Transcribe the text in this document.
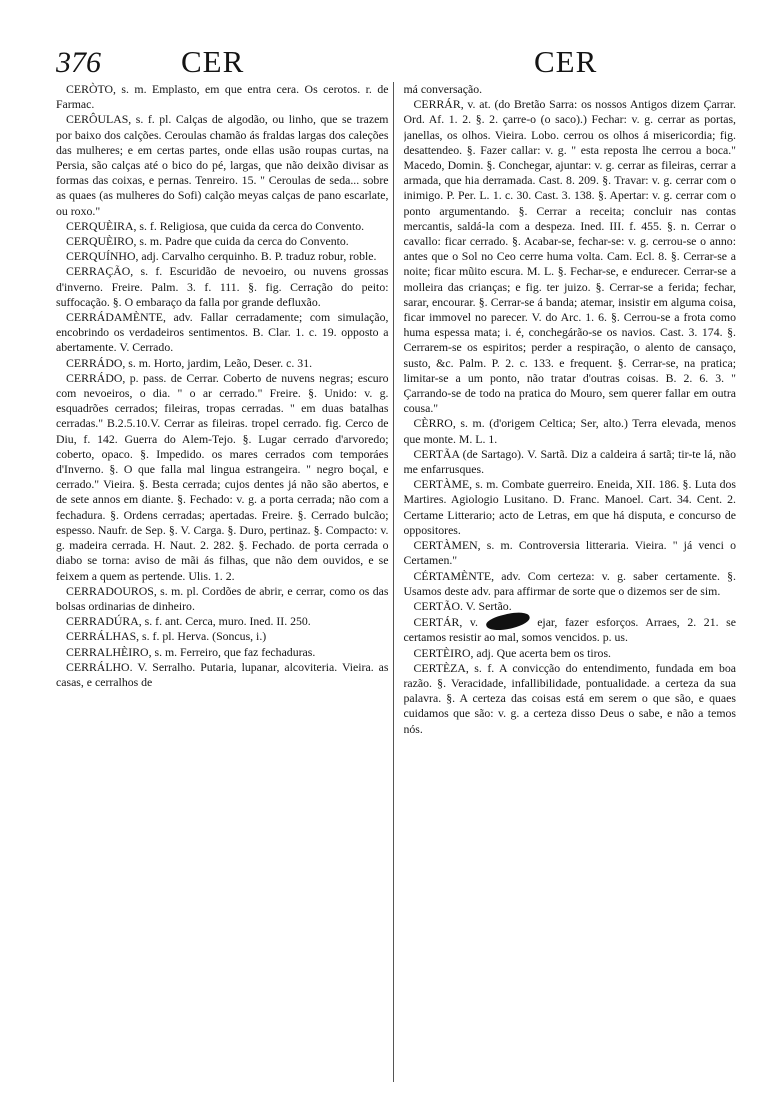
376	CER	CER

CERÒTO, s. m. Emplasto, em que entra cera. Os cerotos. r. de Farmac.

CERÔULAS, s. f. pl. Calças de algodão, ou linho, que se trazem por baixo dos calções. Ceroulas chamão ás fraldas largas dos caleções das mulheres; e em certas partes, onde ellas usão roupas curtas, na Persia, são calças até o bico do pé, largas, que não deixão divisar as formas das coixas, e pernas. Tenreiro. 15. " Ceroulas de seda... sobre as quaes (as mulheres do Sofi) calção meyas calças de pano escarlate, ou roxo."

CERQUÈIRA, s. f. Religiosa, que cuida da cerca do Convento.

CERQUÈIRO, s. m. Padre que cuida da cerca do Convento.

CERQUÍNHO, adj. Carvalho cerquinho. B. P. traduz robur, roble.

CERRAÇÃO, s. f. Escuridão de nevoeiro, ou nuvens grossas d'inverno. Freire. Palm. 3. f. 111. §. fig. Cerração do peito: suffocação. §. O embaraço da falla por grande defluxão.

CERRÁDAMÈNTE, adv. Fallar cerradamente; com simulação, encobrindo os verdadeiros sentimentos. B. Clar. 1. c. 19. opposto a abertamente. V. Cerrado.

CERRÁDO, s. m. Horto, jardim, Leão, Deser. c. 31.

CERRÁDO, p. pass. de Cerrar. Coberto de nuvens negras; escuro com nevoeiros, o dia. " o ar cerrado." Freire. §. Unido: v. g. esquadrões cerrados; fileiras, tropas cerradas. " em duas batalhas cerradas." B.2.5.10.V. Cerrar as fileiras. tropel cerrado. fig. Cerco de Diu, f. 142. Guerra do Alem-Tejo. §. Lugar cerrado d'arvoredo; coberto, opaco. §. Impedido. os mares cerrados com temporáes d'Inverno. §. O que falla mal lingua estrangeira. " negro boçal, e cerrado." Vieira. §. Besta cerrada; cujos dentes já não são abertos, e de sete annos em diante. §. Fechado: v. g. a porta cerrada; não com a fechadura. §. Ordens cerradas; apertadas. Freire. §. Cerrado bulcão; espesso. Naufr. de Sep. §. V. Carga. §. Duro, pertinaz. §. Compacto: v. g. madeira cerrada. H. Naut. 2. 282. §. Fechado. de porta cerrada o diabo se torna: aviso de mãi ás filhas, que não dem ouvidos, e se feixem a quem as pertende. Ulis. 1. 2.

CERRADOUROS, s. m. pl. Cordões de abrir, e cerrar, como os das bolsas ordinarias de dinheiro.

CERRADÚRA, s. f. ant. Cerca, muro. Ined. II. 250.

CERRÁLHAS, s. f. pl. Herva. (Soncus, i.)

CERRALHÈIRO, s. m. Ferreiro, que faz fechaduras.

CERRÁLHO. V. Serralho. Putaria, lupanar, alcoviteria. Vieira. as casas, e cerralhos de

má conversação.

CERRÁR, v. at. (do Bretão Sarra: os nossos Antigos dizem Çarrar. Ord. Af. 1. 2. §. 2. çarre-o (o saco).) Fechar: v. g. cerrar as portas, janellas, os olhos. Vieira. Lobo. cerrou os olhos á misericordia; fig. desattendeo. §. Fazer callar: v. g. " esta reposta lhe cerrou a boca." Macedo, Domin. §. Conchegar, ajuntar: v. g. cerrar as fileiras, cerrar a armada, que hia derramada. Cast. 8. 209. §. Travar: v. g. cerrar com o inimigo. P. Per. L. 1. c. 30. Cast. 3. 138. §. Apertar: v. g. cerrar com o ponto argumentando. §. Cerrar a receita; concluir nas contas mercantis, saldá-la com a despeza. Ined. III. f. 455. §. n. Cerrar o cavallo: ficar cerrado. §. Acabar-se, fechar-se: v. g. cerrou-se o anno: antes que o Sol no Ceo cerre huma volta. Cam. Ecl. 8. §. Cerrar-se a noite; ficar mũito escura. M. L. §. Fechar-se, e endurecer. Cerrar-se a molleira das crianças; e fig. ter juizo. §. Cerrar-se a ferida; fechar, sarar, encourar. §. Cerrar-se á banda; atemar, insistir em alguma coisa, ficar immovel no parecer. V. do Arc. 1. 6. §. Cerrou-se a frota como huma espessa mata; i. é, conchegárão-se os navios. Cast. 3. 174. §. Cerrarem-se os espiritos; perder a respiração, o alento de cansaço, susto, &c. Palm. P. 2. c. 133. e frequent. §. Cerrar-se, na pratica; limitar-se a um ponto, não tratar d'outras coisas. B. 2. 6. 3. " Çarrando-se de todo na pratica do Mouro, sem querer fallar em outra cousa."

CÈRRO, s. m. (d'origem Celtica; Ser, alto.) Terra elevada, menos que monte. M. L. 1.

CERTÃA (de Sartago). V. Sartã. Diz a caldeira á sartã; tir-te lá, não me enfarrusques.

CERTÀME, s. m. Combate guerreiro. Eneida, XII. 186. §. Luta dos Martires. Agiologio Lusitano. D. Franc. Manoel. Cart. 34. Cent. 2. Certame Litterario; acto de Letras, em que há disputa, e concurso de oppositores.

CERTÀMEN, s. m. Controversia litteraria. Vieira. " já venci o Certamen."

CÉRTAMÈNTE, adv. Com certeza: v. g. saber certamente. §. Usamos deste adv. para affirmar de sorte que o dizemos ser de sim.

CERTÃO. V. Sertão.

CERTÁR, v.	ejar, fazer esforços. Arraes, 2. 21. se certamos resistir ao mal, somos vencidos. p. us.

CERTÈIRO, adj. Que acerta bem os tiros.

CERTÈZA, s. f. A convicção do entendimento, fundada em boa razão. §. Veracidade, infallibilidade, pontualidade. a certeza da sua palavra. §. A certeza das coisas está em serem o que são, e quaes cuidamos que são: v. g. a certeza disso Deus o sabe, e não a temos nós.
